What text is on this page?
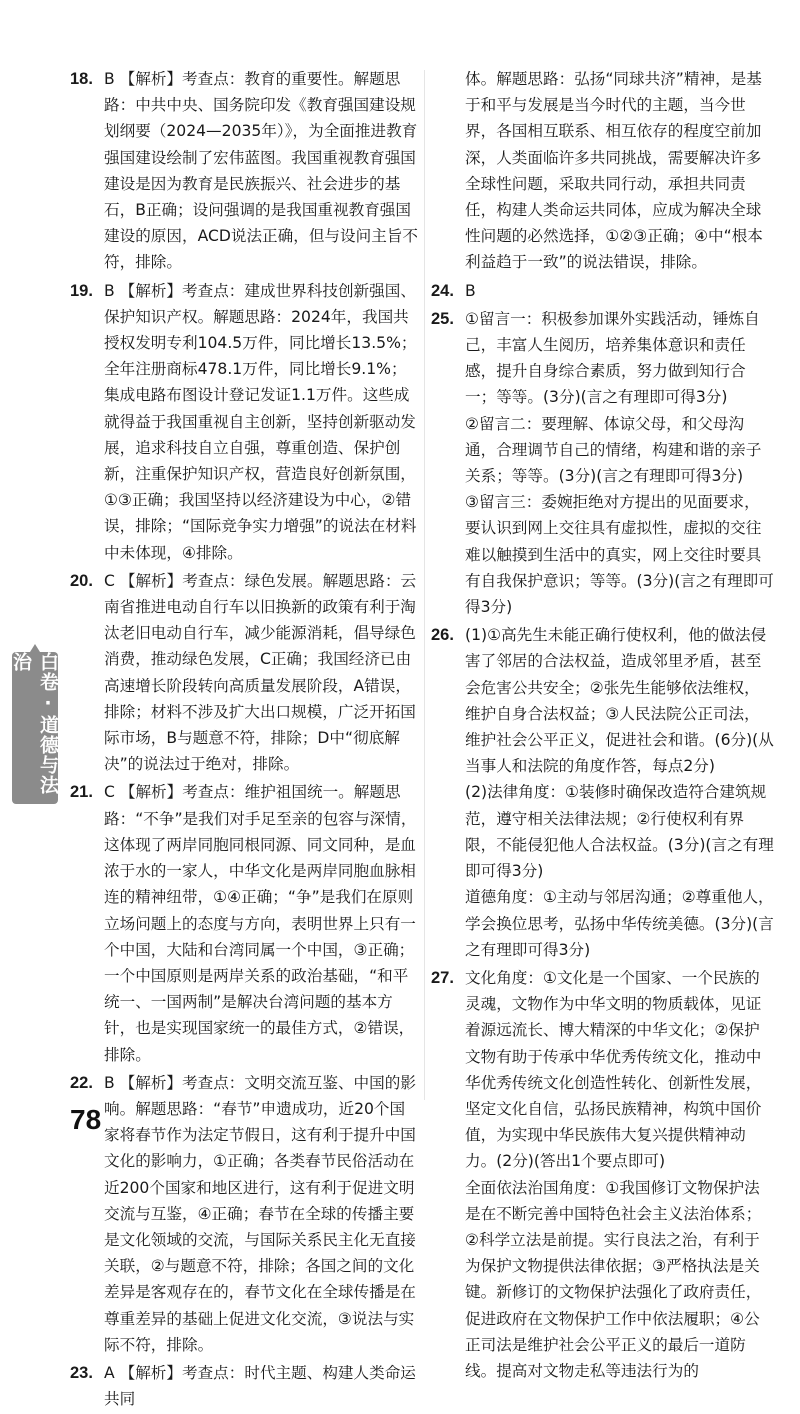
18. B 【解析】考查点：教育的重要性。解题思路：中共中央、国务院印发《教育强国建设规划纲要（2024—2035年）》，为全面推进教育强国建设绘制了宏伟蓝图。我国重视教育强国建设是因为教育是民族振兴、社会进步的基石，B正确；设问强调的是我国重视教育强国建设的原因，ACD说法正确，但与设问主旨不符，排除。

19. B 【解析】考查点：建成世界科技创新强国、保护知识产权。解题思路：2024年，我国共授权发明专利104.5万件，同比增长13.5%；全年注册商标478.1万件，同比增长9.1%；集成电路布图设计登记发证1.1万件。这些成就得益于我国重视自主创新，坚持创新驱动发展，追求科技自立自强，尊重创造、保护创新，注重保护知识产权，营造良好创新氛围，①③正确；我国坚持以经济建设为中心，②错误，排除；“国际竞争实力增强”的说法在材料中未体现，④排除。

20. C 【解析】考查点：绿色发展。解题思路：云南省推进电动自行车以旧换新的政策有利于淘汰老旧电动自行车，减少能源消耗，倡导绿色消费，推动绿色发展，C正确；我国经济已由高速增长阶段转向高质量发展阶段，A错误，排除；材料不涉及扩大出口规模，广泛开拓国际市场，B与题意不符，排除；D中“彻底解决”的说法过于绝对，排除。

21. C 【解析】考查点：维护祖国统一。解题思路：“不争”是我们对手足至亲的包容与深情，这体现了两岸同胞同根同源、同文同种，是血浓于水的一家人，中华文化是两岸同胞血脉相连的精神纽带，①④正确；“争”是我们在原则立场问题上的态度与方向，表明世界上只有一个中国，大陆和台湾同属一个中国，③正确；一个中国原则是两岸关系的政治基础，“和平统一、一国两制”是解决台湾问题的基本方针，也是实现国家统一的最佳方式，②错误，排除。

22. B 【解析】考查点：文明交流互鉴、中国的影响。解题思路：“春节”申遗成功，近20个国家将春节作为法定节假日，这有利于提升中国文化的影响力，①正确；各类春节民俗活动在近200个国家和地区进行，这有利于促进文明交流与互鉴，④正确；春节在全球的传播主要是文化领域的交流，与国际关系民主化无直接关联，②与题意不符，排除；各国之间的文化差异是客观存在的，春节文化在全球传播是在尊重差异的基础上促进文化交流，③说法与实际不符，排除。

23. A 【解析】考查点：时代主题、构建人类命运共同

体。解题思路：弘扬“同球共济”精神，是基于和平与发展是当今时代的主题，当今世界，各国相互联系、相互依存的程度空前加深，人类面临许多共同挑战，需要解决许多全球性问题，采取共同行动，承担共同责任，构建人类命运共同体，应成为解决全球性问题的必然选择，①②③正确；④中“根本利益趋于一致”的说法错误，排除。

24. B

25. ①留言一：积极参加课外实践活动，锤炼自己，丰富人生阅历，培养集体意识和责任感，提升自身综合素质，努力做到知行合一；等等。(3分)(言之有理即可得3分)

②留言二：要理解、体谅父母，和父母沟通，合理调节自己的情绪，构建和谐的亲子关系；等等。(3分)(言之有理即可得3分)

③留言三：委婉拒绝对方提出的见面要求，要认识到网上交往具有虚拟性，虚拟的交往难以触摸到生活中的真实，网上交往时要具有自我保护意识；等等。(3分)(言之有理即可得3分)

26. (1)①高先生未能正确行使权利，他的做法侵害了邻居的合法权益，造成邻里矛盾，甚至会危害公共安全；②张先生能够依法维权，维护自身合法权益；③人民法院公正司法，维护社会公平正义，促进社会和谐。(6分)(从当事人和法院的角度作答，每点2分)

(2)法律角度：①装修时确保改造符合建筑规范，遵守相关法律法规；②行使权利有界限，不能侵犯他人合法权益。(3分)(言之有理即可得3分)

道德角度：①主动与邻居沟通；②尊重他人，学会换位思考，弘扬中华传统美德。(3分)(言之有理即可得3分)

27. 文化角度：①文化是一个国家、一个民族的灵魂，文物作为中华文明的物质载体，见证着源远流长、博大精深的中华文化；②保护文物有助于传承中华优秀传统文化，推动中华优秀传统文化创造性转化、创新性发展，坚定文化自信，弘扬民族精神，构筑中国价值，为实现中华民族伟大复兴提供精神动力。(2分)(答出1个要点即可)

全面依法治国角度：①我国修订文物保护法是在不断完善中国特色社会主义法治体系；②科学立法是前提。实行良法之治，有利于为保护文物提供法律依据；③严格执法是关键。新修订的文物保护法强化了政府责任，促进政府在文物保护工作中依法履职；④公正司法是维护社会公平正义的最后一道防线。提高对文物走私等违法行为的

白卷·道德与法治
78
